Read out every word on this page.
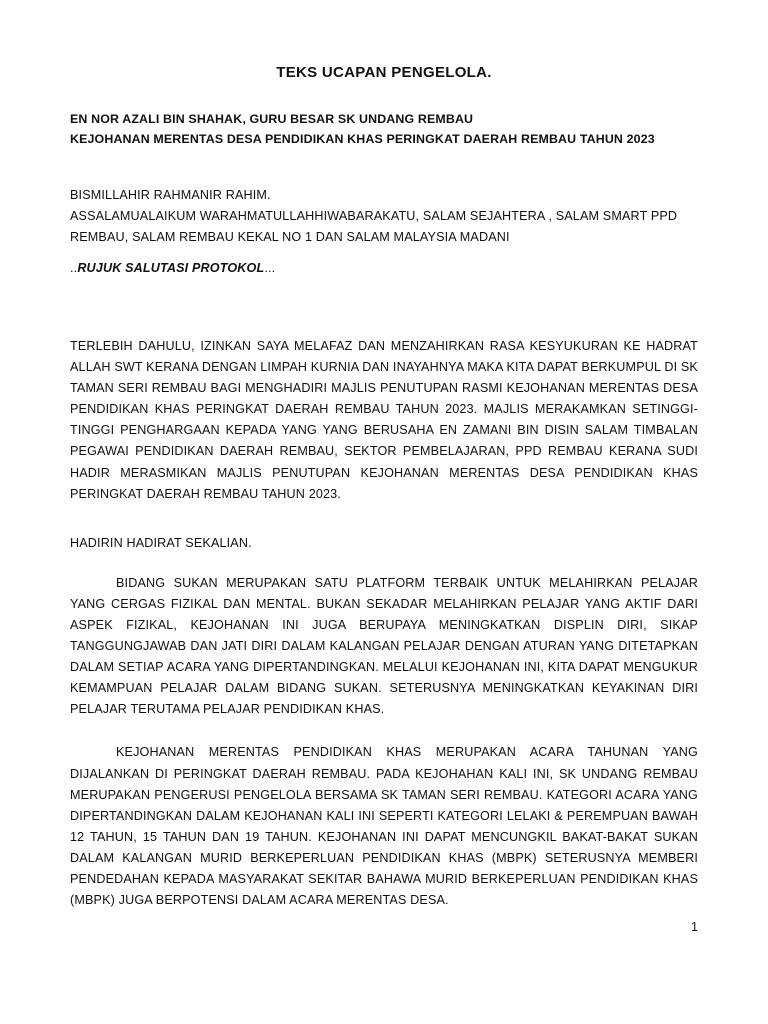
TEKS UCAPAN PENGELOLA.

EN NOR AZALI BIN SHAHAK, GURU BESAR SK UNDANG REMBAU

KEJOHANAN MERENTAS DESA PENDIDIKAN KHAS PERINGKAT DAERAH REMBAU TAHUN 2023

BISMILLAHIR RAHMANIR RAHIM.

ASSALAMUALAIKUM WARAHMATULLAHHIWABARAKATU, SALAM SEJAHTERA , SALAM SMART PPD REMBAU, SALAM REMBAU KEKAL NO 1 DAN SALAM MALAYSIA MADANI

..RUJUK SALUTASI PROTOKOL...

TERLEBIH DAHULU, IZINKAN SAYA MELAFAZ DAN MENZAHIRKAN RASA KESYUKURAN KE HADRAT ALLAH SWT KERANA DENGAN LIMPAH KURNIA DAN INAYAHNYA MAKA KITA DAPAT BERKUMPUL DI SK TAMAN SERI REMBAU BAGI MENGHADIRI MAJLIS PENUTUPAN RASMI KEJOHANAN MERENTAS DESA PENDIDIKAN KHAS PERINGKAT DAERAH REMBAU TAHUN 2023. MAJLIS MERAKAMKAN SETINGGI-TINGGI PENGHARGAAN KEPADA YANG YANG BERUSAHA EN ZAMANI BIN DISIN SALAM TIMBALAN PEGAWAI PENDIDIKAN DAERAH REMBAU, SEKTOR PEMBELAJARAN, PPD REMBAU KERANA SUDI HADIR MERASMIKAN MAJLIS PENUTUPAN KEJOHANAN MERENTAS DESA PENDIDIKAN KHAS PERINGKAT DAERAH REMBAU TAHUN 2023.

HADIRIN HADIRAT SEKALIAN.

BIDANG SUKAN MERUPAKAN SATU PLATFORM TERBAIK UNTUK MELAHIRKAN PELAJAR YANG CERGAS FIZIKAL DAN MENTAL. BUKAN SEKADAR MELAHIRKAN PELAJAR YANG AKTIF DARI ASPEK FIZIKAL, KEJOHANAN INI JUGA BERUPAYA MENINGKATKAN DISPLIN DIRI, SIKAP TANGGUNGJAWAB DAN JATI DIRI DALAM KALANGAN PELAJAR DENGAN ATURAN YANG DITETAPKAN DALAM SETIAP ACARA YANG DIPERTANDINGKAN. MELALUI KEJOHANAN INI, KITA DAPAT MENGUKUR KEMAMPUAN PELAJAR DALAM BIDANG SUKAN. SETERUSNYA MENINGKATKAN KEYAKINAN DIRI PELAJAR TERUTAMA PELAJAR PENDIDIKAN KHAS.

KEJOHANAN MERENTAS PENDIDIKAN KHAS MERUPAKAN ACARA TAHUNAN YANG DIJALANKAN DI PERINGKAT DAERAH REMBAU. PADA KEJOHAHAN KALI INI, SK UNDANG REMBAU MERUPAKAN PENGERUSI PENGELOLA BERSAMA SK TAMAN SERI REMBAU. KATEGORI ACARA YANG DIPERTANDINGKAN DALAM KEJOHANAN KALI INI SEPERTI KATEGORI LELAKI & PEREMPUAN BAWAH 12 TAHUN, 15 TAHUN DAN 19 TAHUN. KEJOHANAN INI DAPAT MENCUNGKIL BAKAT-BAKAT SUKAN DALAM KALANGAN MURID BERKEPERLUAN PENDIDIKAN KHAS (MBPK) SETERUSNYA MEMBERI PENDEDAHAN KEPADA MASYARAKAT SEKITAR BAHAWA MURID BERKEPERLUAN PENDIDIKAN KHAS (MBPK) JUGA BERPOTENSI DALAM ACARA MERENTAS DESA.

1
